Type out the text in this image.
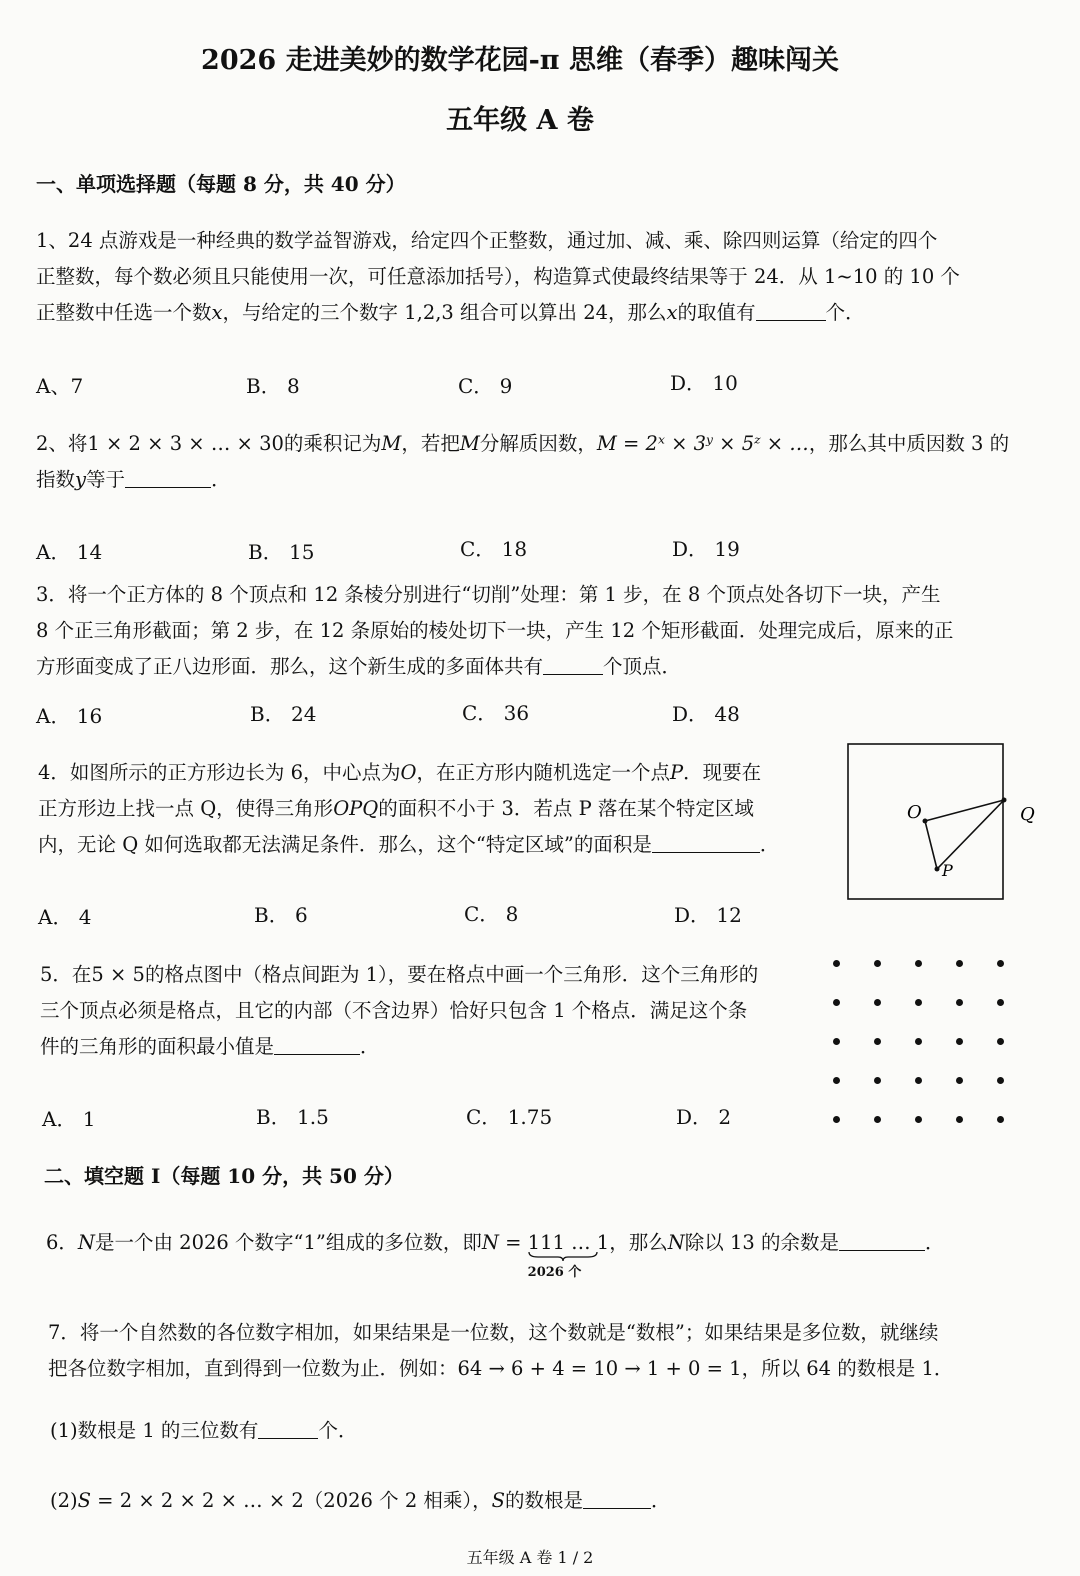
2026 走进美妙的数学花园-π 思维（春季）趣味闯关
五年级 A 卷
一、单项选择题（每题 8 分，共 40 分）
1、24 点游戏是一种经典的数学益智游戏，给定四个正整数，通过加、减、乘、除四则运算（给定的四个
正整数，每个数必须且只能使用一次，可任意添加括号），构造算式使最终结果等于 24．从 1~10 的 10 个
正整数中任选一个数x，与给定的三个数字 1,2,3 组合可以算出 24，那么x的取值有	个．
A、7	B． 8	C． 9	D． 10
2、将1 × 2 × 3 × … × 30的乘积记为M，若把M分解质因数，M = 2ˣ × 3ʸ × 5ᶻ × …，那么其中质因数 3 的
指数y等于	．
A． 14	B． 15	C． 18	D． 19
3．将一个正方体的 8 个顶点和 12 条棱分别进行“切削”处理：第 1 步，在 8 个顶点处各切下一块，产生
8 个正三角形截面；第 2 步，在 12 条原始的棱处切下一块，产生 12 个矩形截面．处理完成后，原来的正
方形面变成了正八边形面．那么，这个新生成的多面体共有	个顶点．
A． 16	B． 24	C． 36	D． 48
4．如图所示的正方形边长为 6，中心点为O，在正方形内随机选定一个点P．现要在
正方形边上找一点 Q，使得三角形OPQ的面积不小于 3．若点 P 落在某个特定区域
内，无论 Q 如何选取都无法满足条件．那么，这个“特定区域”的面积是	．
O
P
Q
A． 4	B． 6	C． 8	D． 12
5．在5 × 5的格点图中（格点间距为 1），要在格点中画一个三角形．这个三角形的
三个顶点必须是格点，且它的内部（不含边界）恰好只包含 1 个格点．满足这个条
件的三角形的面积最小值是	．
A． 1	B． 1.5	C． 1.75	D． 2
二、填空题 I（每题 10 分，共 50 分）
6．N是一个由 2026 个数字“1”组成的多位数，即N = 111 … 1
2026 个
，那么N除以 13 的余数是	．
7．将一个自然数的各位数字相加，如果结果是一位数，这个数就是“数根”；如果结果是多位数，就继续
把各位数字相加，直到得到一位数为止．例如：64 → 6 + 4 = 10 → 1 + 0 = 1，所以 64 的数根是 1．
(1)数根是 1 的三位数有	个．
(2)S = 2 × 2 × 2 × … × 2（2026 个 2 相乘），S的数根是	．
五年级 A 卷 1 / 2
